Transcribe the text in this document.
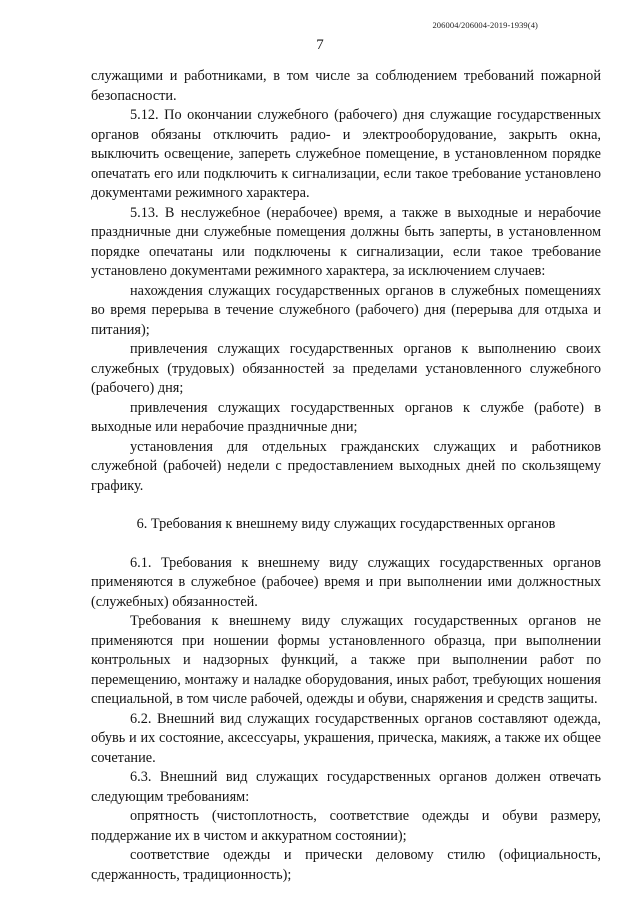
206004/206004-2019-1939(4)
7

служащими и работниками, в том числе за соблюдением требований пожарной безопасности.

5.12. По окончании служебного (рабочего) дня служащие государственных органов обязаны отключить радио- и электрооборудование, закрыть окна, выключить освещение, запереть служебное помещение, в установленном порядке опечатать его или подключить к сигнализации, если такое требование установлено документами режимного характера.

5.13. В неслужебное (нерабочее) время, а также в выходные и нерабочие праздничные дни служебные помещения должны быть заперты, в установленном порядке опечатаны или подключены к сигнализации, если такое требование установлено документами режимного характера, за исключением случаев:

нахождения служащих государственных органов в служебных помещениях во время перерыва в течение служебного (рабочего) дня (перерыва для отдыха и питания);

привлечения служащих государственных органов к выполнению своих служебных (трудовых) обязанностей за пределами установленного служебного (рабочего) дня;

привлечения служащих государственных органов к службе (работе) в выходные или нерабочие праздничные дни;

установления для отдельных гражданских служащих и работников служебной (рабочей) недели с предоставлением выходных дней по скользящему графику.

6. Требования к внешнему виду служащих государственных органов

6.1. Требования к внешнему виду служащих государственных органов применяются в служебное (рабочее) время и при выполнении ими должностных (служебных) обязанностей.

Требования к внешнему виду служащих государственных органов не применяются при ношении формы установленного образца, при выполнении контрольных и надзорных функций, а также при выполнении работ по перемещению, монтажу и наладке оборудования, иных работ, требующих ношения специальной, в том числе рабочей, одежды и обуви, снаряжения и средств защиты.

6.2. Внешний вид служащих государственных органов составляют одежда, обувь и их состояние, аксессуары, украшения, прическа, макияж, а также их общее сочетание.

6.3. Внешний вид служащих государственных органов должен отвечать следующим требованиям:

опрятность (чистоплотность, соответствие одежды и обуви размеру, поддержание их в чистом и аккуратном состоянии);

соответствие одежды и прически деловому стилю (официальность, сдержанность, традиционность);
